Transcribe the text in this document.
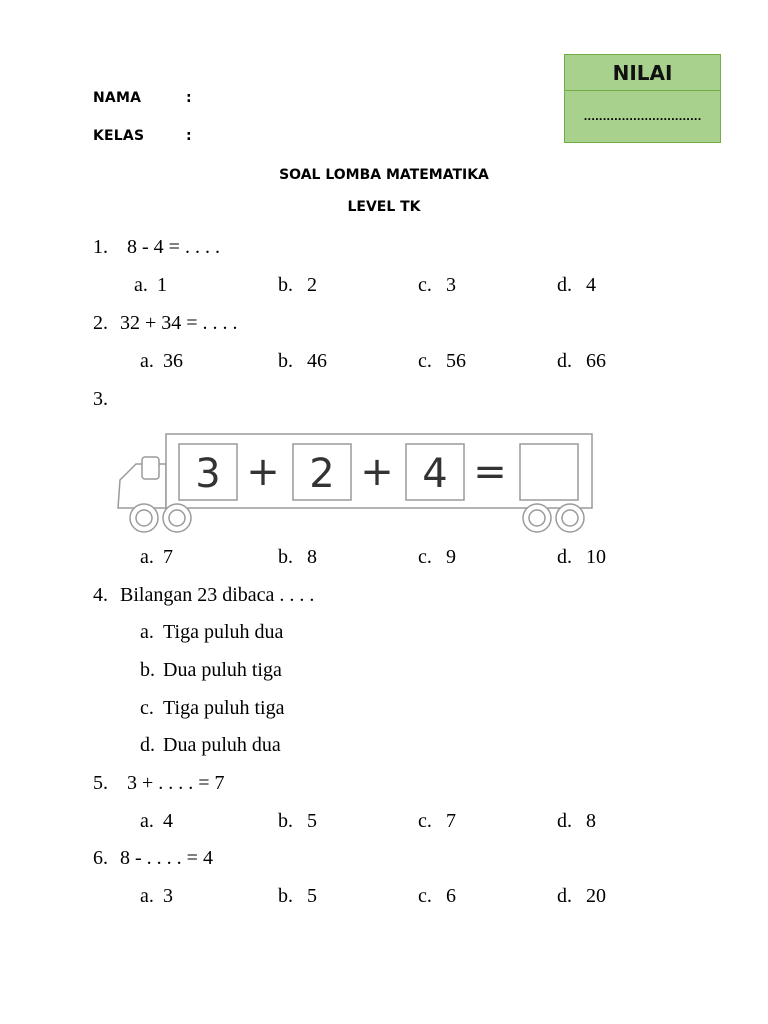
NAMA	:
KELAS	:
NILAI
...............................
SOAL LOMBA MATEMATIKA
LEVEL TK
1. 8 - 4 = . . . .
a. 1	b. 2	c. 3	d. 4
2. 32 + 34 = . . . .
a. 36	b. 46	c. 56	d. 66
3.
3 + 2 + 4 =
a. 7	b. 8	c. 9	d. 10
4. Bilangan 23 dibaca . . . .
a. Tiga puluh dua
b. Dua puluh tiga
c. Tiga puluh tiga
d. Dua puluh dua
5. 3 + . . . . = 7
a. 4	b. 5	c. 7	d. 8
6. 8 - . . . . = 4
a. 3	b. 5	c. 6	d. 20
